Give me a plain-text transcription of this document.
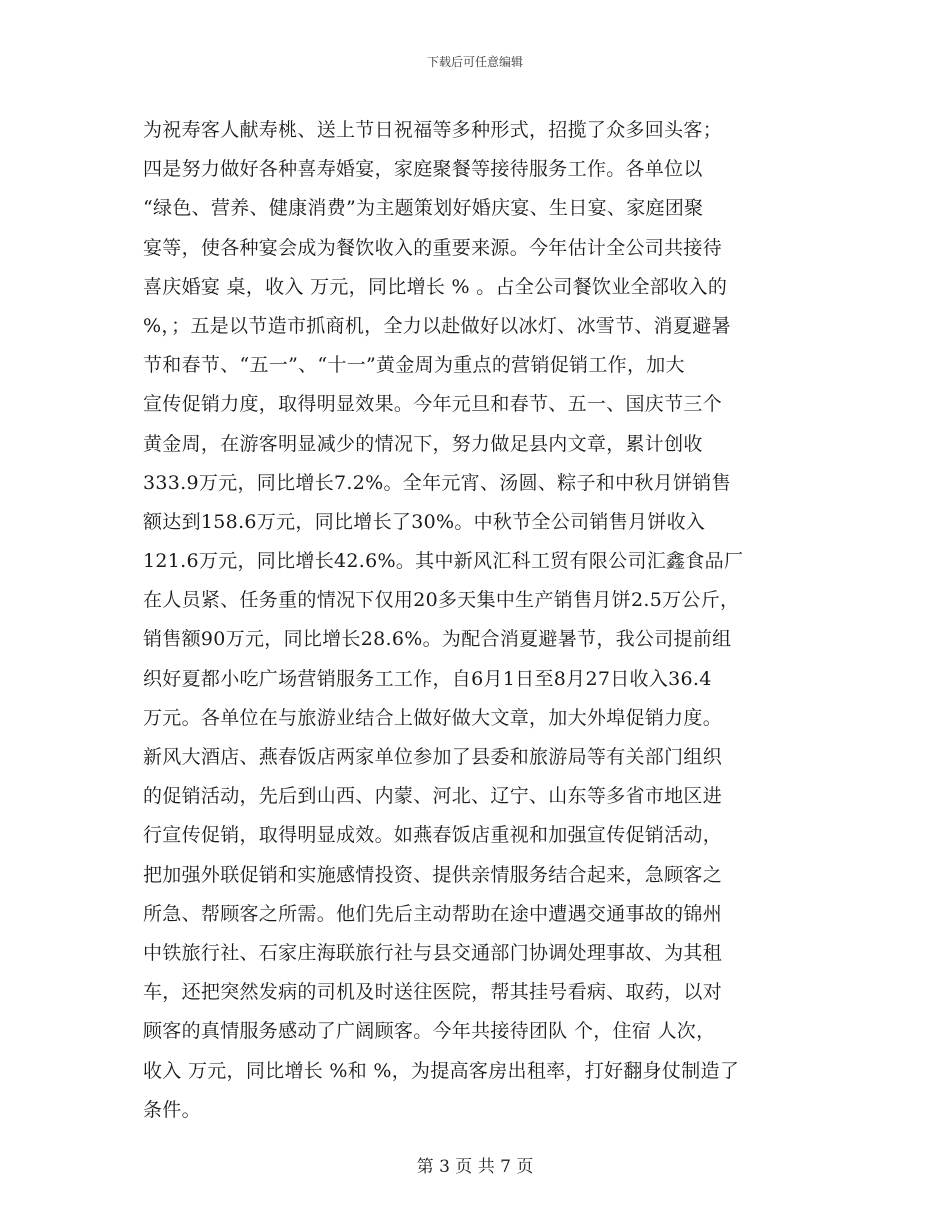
下载后可任意编辑
为祝寿客人献寿桃、送上节日祝福等多种形式，招揽了众多回头客；
四是努力做好各种喜寿婚宴，家庭聚餐等接待服务工作。各单位以
“绿色、营养、健康消费”为主题策划好婚庆宴、生日宴、家庭团聚
宴等，使各种宴会成为餐饮收入的重要来源。今年估计全公司共接待
喜庆婚宴 桌，收入 万元，同比增长 % 。占全公司餐饮业全部收入的
%，；五是以节造市抓商机，全力以赴做好以冰灯、冰雪节、消夏避暑
节和春节、“五一”、“十一”黄金周为重点的营销促销工作，加大
宣传促销力度，取得明显效果。今年元旦和春节、五一、国庆节三个
黄金周，在游客明显减少的情况下，努力做足县内文章，累计创收
333.9万元，同比增长7.2%。全年元宵、汤圆、粽子和中秋月饼销售
额达到158.6万元，同比增长了30%。中秋节全公司销售月饼收入
121.6万元，同比增长42.6%。其中新风汇科工贸有限公司汇鑫食品厂
在人员紧、任务重的情况下仅用20多天集中生产销售月饼2.5万公斤，
销售额90万元，同比增长28.6%。为配合消夏避暑节，我公司提前组
织好夏都小吃广场营销服务工工作，自6月1日至8月27日收入36.4
万元。各单位在与旅游业结合上做好做大文章，加大外埠促销力度。
新风大酒店、燕春饭店两家单位参加了县委和旅游局等有关部门组织
的促销活动，先后到山西、内蒙、河北、辽宁、山东等多省市地区进
行宣传促销，取得明显成效。如燕春饭店重视和加强宣传促销活动，
把加强外联促销和实施感情投资、提供亲情服务结合起来，急顾客之
所急、帮顾客之所需。他们先后主动帮助在途中遭遇交通事故的锦州
中铁旅行社、石家庄海联旅行社与县交通部门协调处理事故、为其租
车，还把突然发病的司机及时送往医院，帮其挂号看病、取药，以对
顾客的真情服务感动了广阔顾客。今年共接待团队 个，住宿 人次，
收入 万元，同比增长 %和 %，为提高客房出租率，打好翻身仗制造了
条件。
第 3 页 共 7 页
